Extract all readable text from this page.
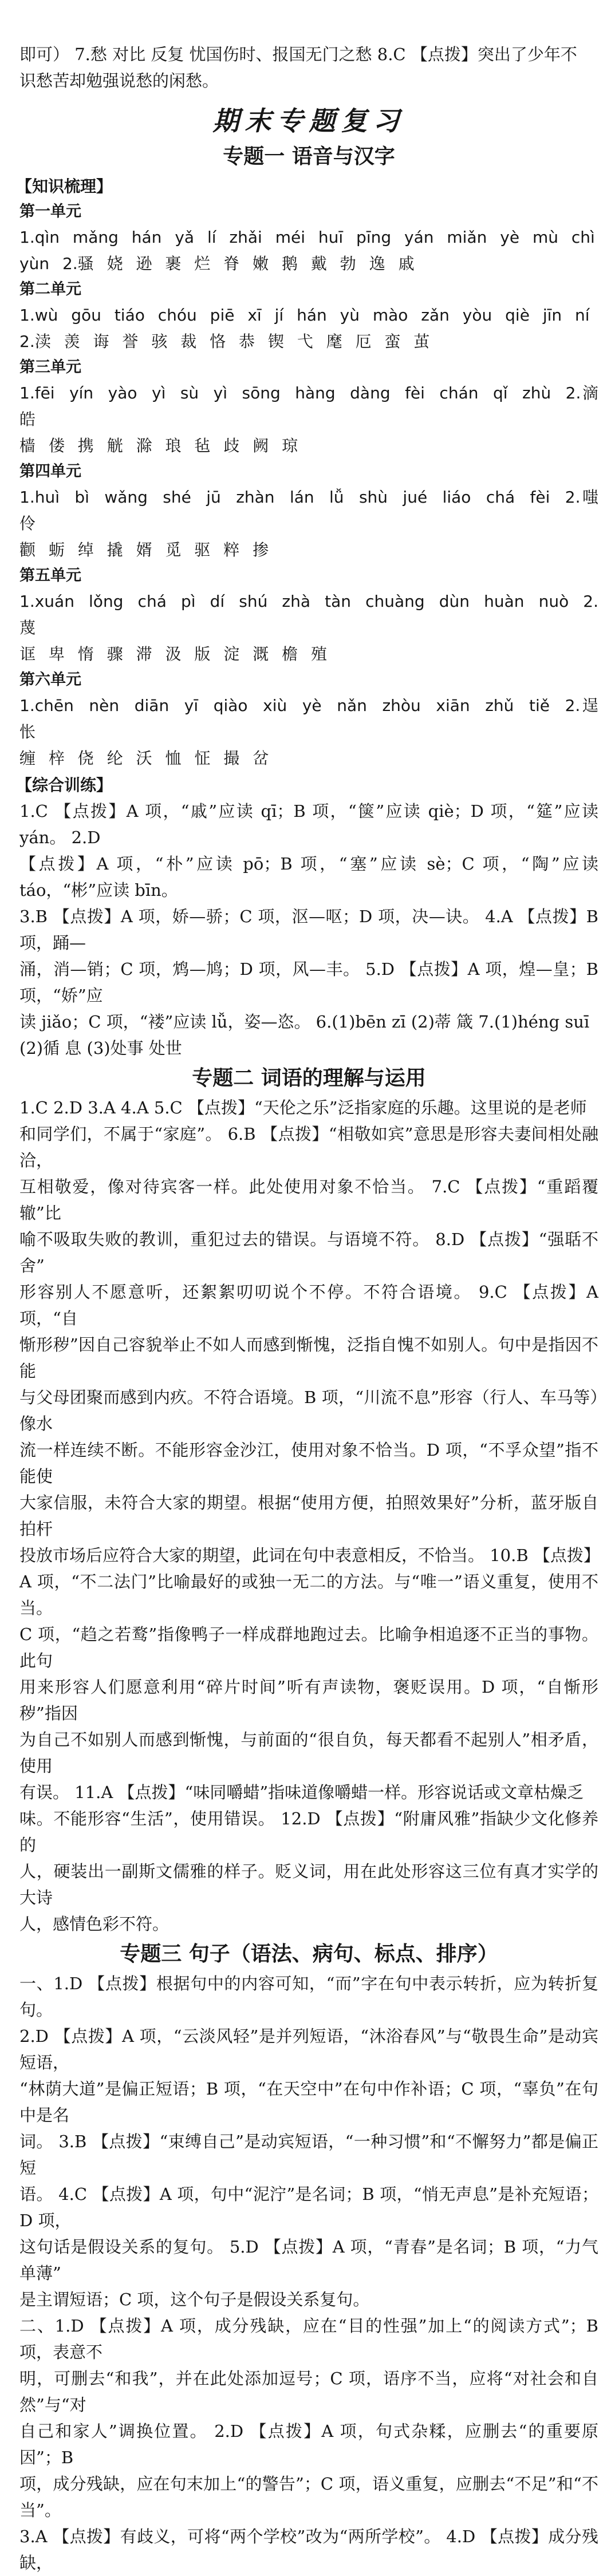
即可） 7.愁 对比 反复 忧国伤时、报国无门之愁 8.C 【点拨】突出了少年不

识愁苦却勉强说愁的闲愁。

期末专题复习
专题一 语音与汉字
【知识梳理】
第一单元

1.qìn mǎng hán yǎ lí zhǎi méi huī pīng yán miǎn yè mù chì

yùn 2.骚 娆 逊 裹 烂 脊 嫩 鹅 戴 勃 逸 戚

第二单元

1.wù gōu tiáo chóu piē xī jí hán yù mào zǎn yòu qiè jīn ní

2.渎 羡 诲 誉 骇 裁 恪 恭 锲 弋 麾 厄 蛮 茧

第三单元

1.fēi yín yào yì sù yì sōng hàng dàng fèi chán qǐ zhù 2.滴 皓

樯 偻 携 觥 滁 琅 毡 歧 阙 琼

第四单元

1.huì bì wǎng shé jū zhàn lán lǚ shù jué liáo chá fèi 2.嗤 伶

颧 蛎 绰 撬 婿 觅 驱 粹 掺

第五单元

1.xuán lǒng chá pì dí shú zhà tàn chuàng dùn huàn nuò 2.蔑

诓 卑 惰 骤 滞 汲 版 淀 溉 檐 殖

第六单元

1.chēn nèn diān yī qiào xiù yè nǎn zhòu xiān zhǔ tiě 2.逞 怅

缠 梓 侥 纶 沃 恤 怔 撮 岔

【综合训练】

1.C 【点拨】A 项，“戚”应读 qī；B 项，“箧”应读 qiè；D 项，“筵”应读 yán。 2.D

【点拨】A 项，“朴”应读 pō；B 项，“塞”应读 sè；C 项，“陶”应读 táo，“彬”应读 bīn。

3.B 【点拨】A 项，娇—骄；C 项，沤—呕；D 项，决—诀。 4.A 【点拨】B 项，踊—

涌，消—销；C 项，鸩—鸠；D 项，风—丰。 5.D 【点拨】A 项，煌—皇；B 项，“娇”应

读 jiǎo；C 项，“褛”应读 lǚ，姿—恣。 6.(1)bēn zī (2)蒂 箴 7.(1)héng suī

(2)循 息 (3)处事 处世

专题二 词语的理解与运用

1.C 2.D 3.A 4.A 5.C 【点拨】“天伦之乐”泛指家庭的乐趣。这里说的是老师

和同学们，不属于“家庭”。 6.B 【点拨】“相敬如宾”意思是形容夫妻间相处融洽，

互相敬爱，像对待宾客一样。此处使用对象不恰当。 7.C 【点拨】“重蹈覆辙”比

喻不吸取失败的教训，重犯过去的错误。与语境不符。 8.D 【点拨】“强聒不舍”

形容别人不愿意听，还絮絮叨叨说个不停。不符合语境。 9.C 【点拨】A 项，“自

惭形秽”因自己容貌举止不如人而感到惭愧，泛指自愧不如别人。句中是指因不能

与父母团聚而感到内疚。不符合语境。B 项，“川流不息”形容（行人、车马等）像水

流一样连续不断。不能形容金沙江，使用对象不恰当。D 项，“不孚众望”指不能使

大家信服，未符合大家的期望。根据“使用方便，拍照效果好”分析，蓝牙版自拍杆

投放市场后应符合大家的期望，此词在句中表意相反，不恰当。 10.B 【点拨】

A 项，“不二法门”比喻最好的或独一无二的方法。与“唯一”语义重复，使用不当。

C 项，“趋之若鹜”指像鸭子一样成群地跑过去。比喻争相追逐不正当的事物。此句

用来形容人们愿意利用“碎片时间”听有声读物，褒贬误用。D 项，“自惭形秽”指因

为自己不如别人而感到惭愧，与前面的“很自负，每天都看不起别人”相矛盾，使用

有误。 11.A 【点拨】“味同嚼蜡”指味道像嚼蜡一样。形容说话或文章枯燥乏

味。不能形容“生活”，使用错误。 12.D 【点拨】“附庸风雅”指缺少文化修养的

人，硬装出一副斯文儒雅的样子。贬义词，用在此处形容这三位有真才实学的大诗

人，感情色彩不符。

专题三 句子（语法、病句、标点、排序）

一、1.D 【点拨】根据句中的内容可知，“而”字在句中表示转折，应为转折复句。

2.D 【点拨】A 项，“云淡风轻”是并列短语，“沐浴春风”与“敬畏生命”是动宾短语，

“林荫大道”是偏正短语；B 项，“在天空中”在句中作补语；C 项，“辜负”在句中是名

词。 3.B 【点拨】“束缚自己”是动宾短语，“一种习惯”和“不懈努力”都是偏正短

语。 4.C 【点拨】A 项，句中“泥泞”是名词；B 项，“悄无声息”是补充短语；D 项，

这句话是假设关系的复句。 5.D 【点拨】A 项，“青春”是名词；B 项，“力气单薄”

是主谓短语；C 项，这个句子是假设关系复句。

二、1.D 【点拨】A 项，成分残缺，应在“目的性强”加上“的阅读方式”；B 项，表意不

明，可删去“和我”，并在此处添加逗号；C 项，语序不当，应将“对社会和自然”与“对

自己和家人”调换位置。 2.D 【点拨】A 项，句式杂糅，应删去“的重要原因”；B

项，成分残缺，应在句末加上“的警告”；C 项，语义重复，应删去“不足”和“不当”。

3.A 【点拨】有歧义，可将“两个学校”改为“两所学校”。 4.D 【点拨】成分残缺，
